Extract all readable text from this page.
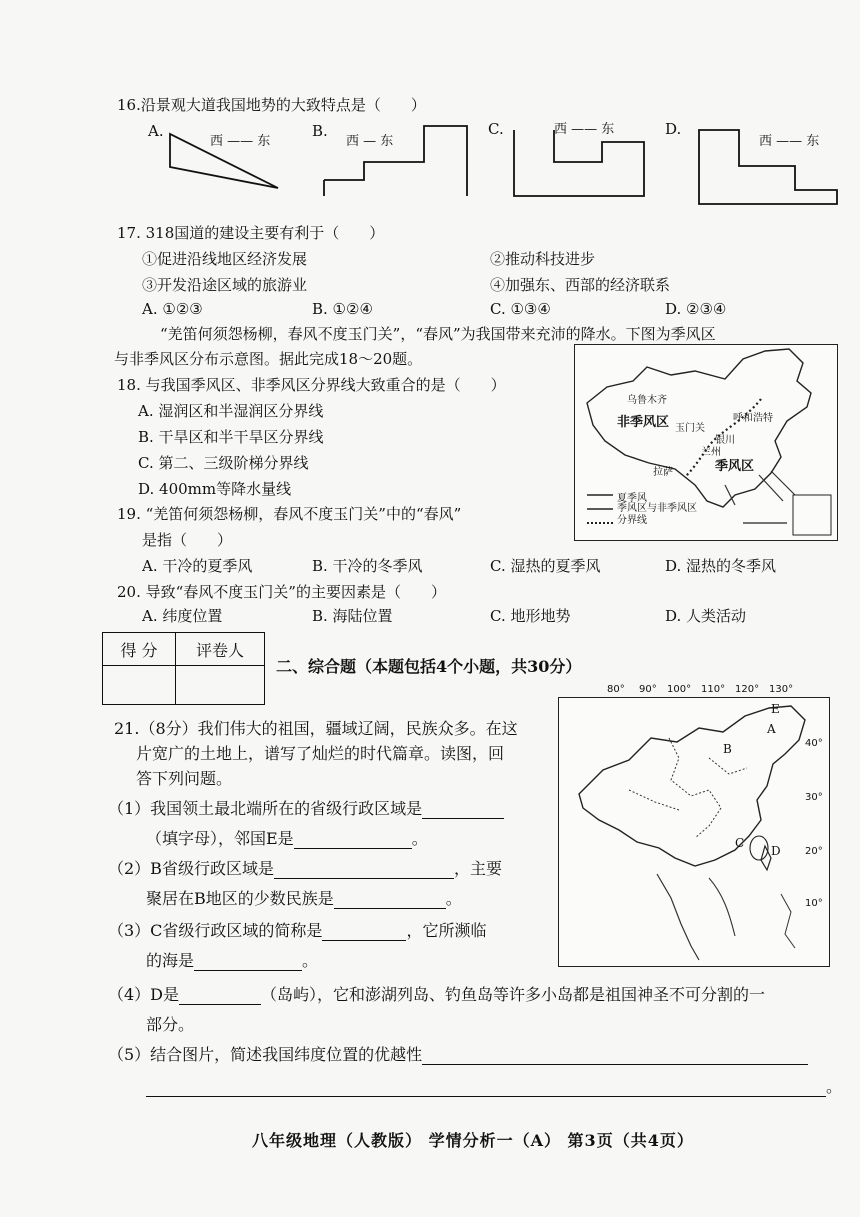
16.沿景观大道我国地势的大致特点是（　　）
A.
西 —— 东
B.
西 — 东
C.	西 —— 东	D.
西 —— 东
17. 318国道的建设主要有利于（　　）
①促进沿线地区经济发展	②推动科技进步
③开发沿途区域的旅游业	④加强东、西部的经济联系
A. ①②③	B. ①②④	C. ①③④	D. ②③④
“羌笛何须怨杨柳，春风不度玉门关”，“春风”为我国带来充沛的降水。下图为季风区
与非季风区分布示意图。据此完成18～20题。
18. 与我国季风区、非季风区分界线大致重合的是（　　）
A. 湿润区和半湿润区分界线
B. 干旱区和半干旱区分界线
C. 第二、三级阶梯分界线
D. 400mm等降水量线
非季风区
季风区
乌鲁木齐
玉门关
呼和浩特
银川
兰州
拉萨
夏季风
季风区与非季风区分界线
19. “羌笛何须怨杨柳，春风不度玉门关”中的“春风”
是指（　　）
A. 干冷的夏季风	B. 干冷的冬季风	C. 湿热的夏季风	D. 湿热的冬季风
20. 导致“春风不度玉门关”的主要因素是（　　）
A. 纬度位置	B. 海陆位置	C. 地形地势	D. 人类活动
得 分	评卷人

二、综合题（本题包括4个小题，共30分）
21.（8分）我们伟大的祖国，疆域辽阔，民族众多。在这
片宽广的土地上，谱写了灿烂的时代篇章。读图，回
答下列问题。
（1）我国领土最北端所在的省级行政区域是
（填字母），邻国E是	。
（2）B省级行政区域是	，主要
聚居在B地区的少数民族是	。
（3）C省级行政区域的简称是	，它所濒临
的海是	。
80° 90° 100° 110° 120° 130°
40°
30°
20°
10°
A
B
C
D
E
（4）D是	（岛屿），它和澎湖列岛、钓鱼岛等许多小岛都是祖国神圣不可分割的一
部分。
（5）结合图片，简述我国纬度位置的优越性
。
八年级地理（人教版） 学情分析一（A） 第3页（共4页）
